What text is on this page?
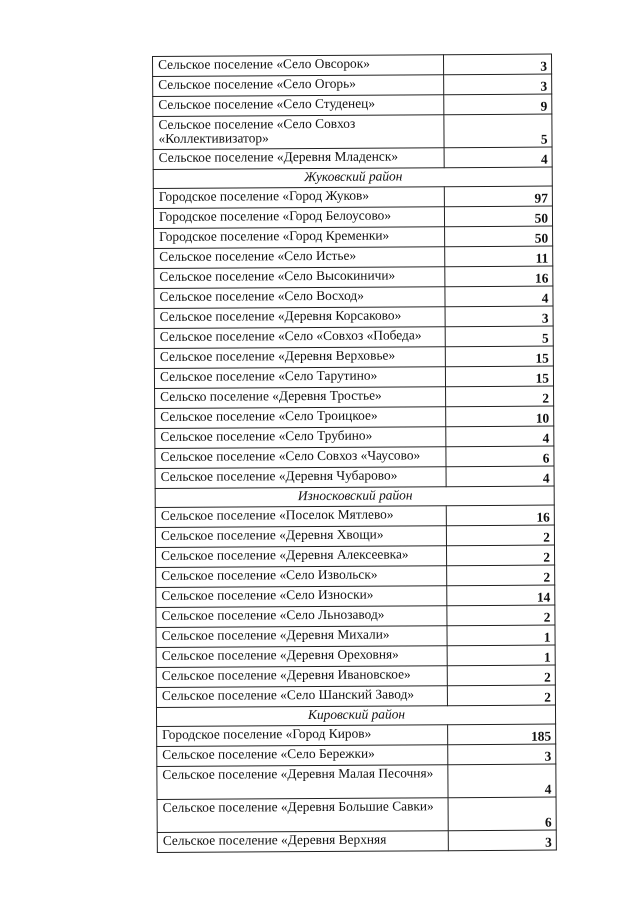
Сельское поселение «Село Овсорок»	3
Сельское поселение «Село Огорь»	3
Сельское поселение «Село Студенец»	9
Сельское поселение «Село Совхоз «Коллективизатор»	5
Сельское поселение «Деревня Младенск»	4
Жуковский район	
Городское поселение «Город Жуков»	97
Городское поселение «Город Белоусово»	50
Городское поселение «Город Кременки»	50
Сельское поселение «Село Истье»	11
Сельское поселение «Село Высокиничи»	16
Сельское поселение «Село Восход»	4
Сельское поселение «Деревня Корсаково»	3
Сельское поселение «Село «Совхоз «Победа»	5
Сельское поселение «Деревня Верховье»	15
Сельское поселение «Село Тарутино»	15
Сельско поселение «Деревня Тростье»	2
Сельское поселение «Село Троицкое»	10
Сельское поселение «Село Трубино»	4
Сельское поселение «Село Совхоз «Чаусово»	6
Сельское поселение «Деревня Чубарово»	4
Износковский район	
Сельское поселение «Поселок Мятлево»	16
Сельское поселение «Деревня Хвощи»	2
Сельское поселение «Деревня Алексеевка»	2
Сельское поселение «Село Извольск»	2
Сельское поселение «Село Износки»	14
Сельское поселение «Село Льнозавод»	2
Сельское поселение «Деревня Михали»	1
Сельское поселение «Деревня Ореховня»	1
Сельское поселение «Деревня Ивановское»	2
Сельское поселение «Село Шанский Завод»	2
Кировский район	
Городское поселение «Город Киров»	185
Сельское поселение «Село Бережки»	3
Сельское поселение «Деревня Малая Песочня»	4
Сельское поселение «Деревня Большие Савки»	6
Сельское поселение «Деревня Верхняя	3
